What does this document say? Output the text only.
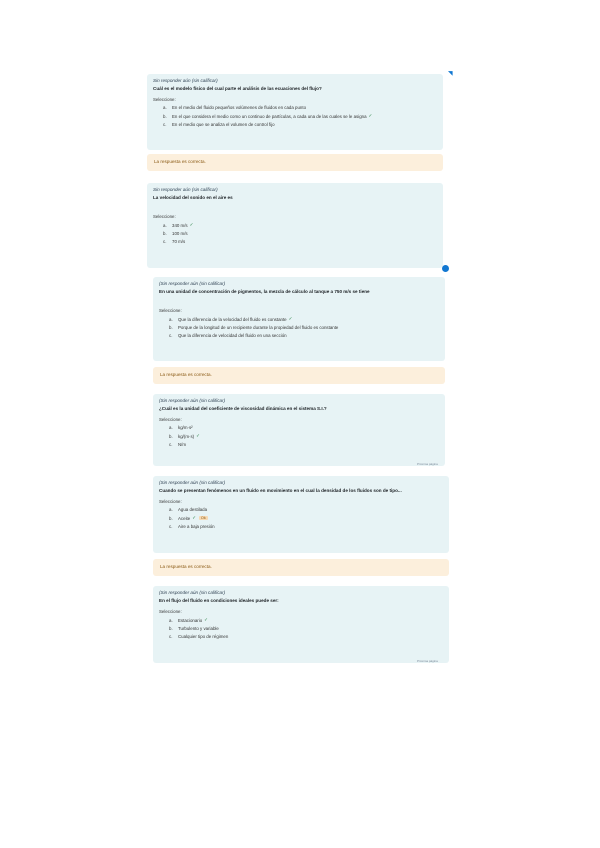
Sin responder aún (sin calificar)
Cuál es el modelo físico del cual parte el análisis de las ecuaciones del flujo?
Seleccione:
a.	En el medio del fluido pequeños volúmenes de fluidos en cada punto
b.	En el que considera el medio como un continuo de partículas, a cada una de las cuales se le asigna ✓
c.	En el medio que se analiza el volumen de control fijo
◥
La respuesta es correcta.
Sin responder aún (sin calificar)
La velocidad del sonido en el aire es
Seleccione:
a.	340 m/s ✓
b.	100 m/s
c.	70 m/s
(Sin responder aún (sin calificar)
En una unidad de concentración de pigmentos, la mezcla de cálculo al tanque a 750 m/s se tiene
Seleccione:
a.	Que la diferencia de la velocidad del fluido es constante ✓
b.	Porque de la longitud de un recipiente durante la propiedad del fluido es constante
c.	Que la diferencia de velocidad del fluido en una sección
La respuesta es correcta.
(Sin responder aún (sin calificar)
¿Cuál es la unidad del coeficiente de viscosidad dinámica en el sistema S.I.?
Seleccione:
a.	kg/m·s²
b.	kg/(m·s) ✓
c.	N/m
Próxima página
(Sin responder aún (sin calificar)
Cuando se presentan fenómenos en un fluido en movimiento en el cual la densidad de los fluidos son de tipo...
Seleccione:
a.	Agua destilada
b.	Aceite ✓	Ok
c.	Aire a baja presión
La respuesta es correcta.
(Sin responder aún (sin calificar)
En el flujo del fluido en condiciones ideales puede ser:
Seleccione:
a.	Estacionario ✓
b.	Turbulento y variable
c.	Cualquier tipo de régimen
Próxima página
